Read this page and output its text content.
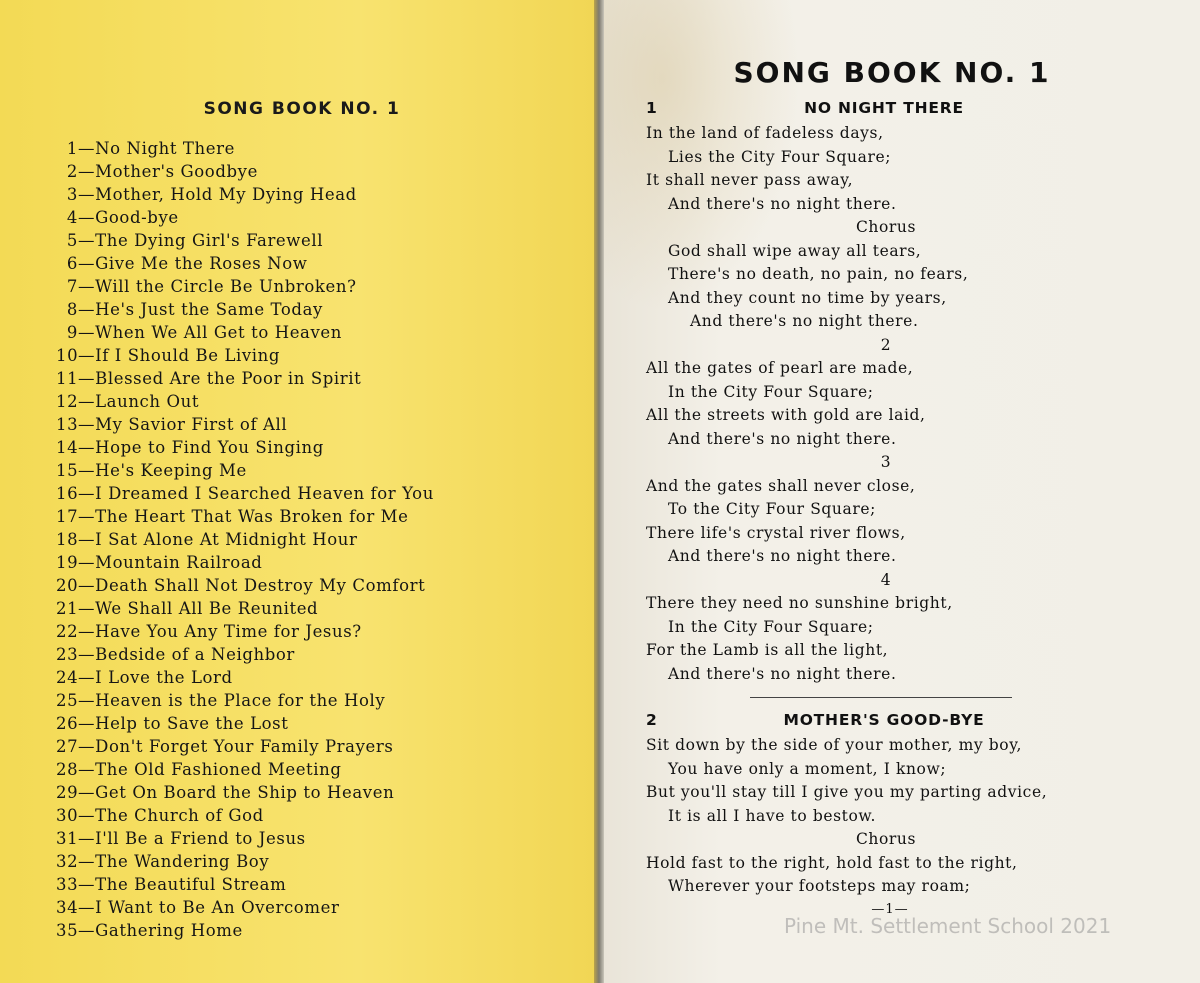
SONG BOOK NO. 1
1—No Night There
2—Mother's Goodbye
3—Mother, Hold My Dying Head
4—Good-bye
5—The Dying Girl's Farewell
6—Give Me the Roses Now
7—Will the Circle Be Unbroken?
8—He's Just the Same Today
9—When We All Get to Heaven
10—If I Should Be Living
11—Blessed Are the Poor in Spirit
12—Launch Out
13—My Savior First of All
14—Hope to Find You Singing
15—He's Keeping Me
16—I Dreamed I Searched Heaven for You
17—The Heart That Was Broken for Me
18—I Sat Alone At Midnight Hour
19—Mountain Railroad
20—Death Shall Not Destroy My Comfort
21—We Shall All Be Reunited
22—Have You Any Time for Jesus?
23—Bedside of a Neighbor
24—I Love the Lord
25—Heaven is the Place for the Holy
26—Help to Save the Lost
27—Don't Forget Your Family Prayers
28—The Old Fashioned Meeting
29—Get On Board the Ship to Heaven
30—The Church of God
31—I'll Be a Friend to Jesus
32—The Wandering Boy
33—The Beautiful Stream
34—I Want to Be An Overcomer
35—Gathering Home
SONG BOOK NO. 1
1	NO NIGHT THERE
In the land of fadeless days,
Lies the City Four Square;
It shall never pass away,
And there's no night there.
Chorus
God shall wipe away all tears,
There's no death, no pain, no fears,
And they count no time by years,
And there's no night there.
2
All the gates of pearl are made,
In the City Four Square;
All the streets with gold are laid,
And there's no night there.
3
And the gates shall never close,
To the City Four Square;
There life's crystal river flows,
And there's no night there.
4
There they need no sunshine bright,
In the City Four Square;
For the Lamb is all the light,
And there's no night there.
2	MOTHER'S GOOD-BYE
Sit down by the side of your mother, my boy,
You have only a moment, I know;
But you'll stay till I give you my parting advice,
It is all I have to bestow.
Chorus
Hold fast to the right, hold fast to the right,
Wherever your footsteps may roam;
—1—
Pine Mt. Settlement School 2021
